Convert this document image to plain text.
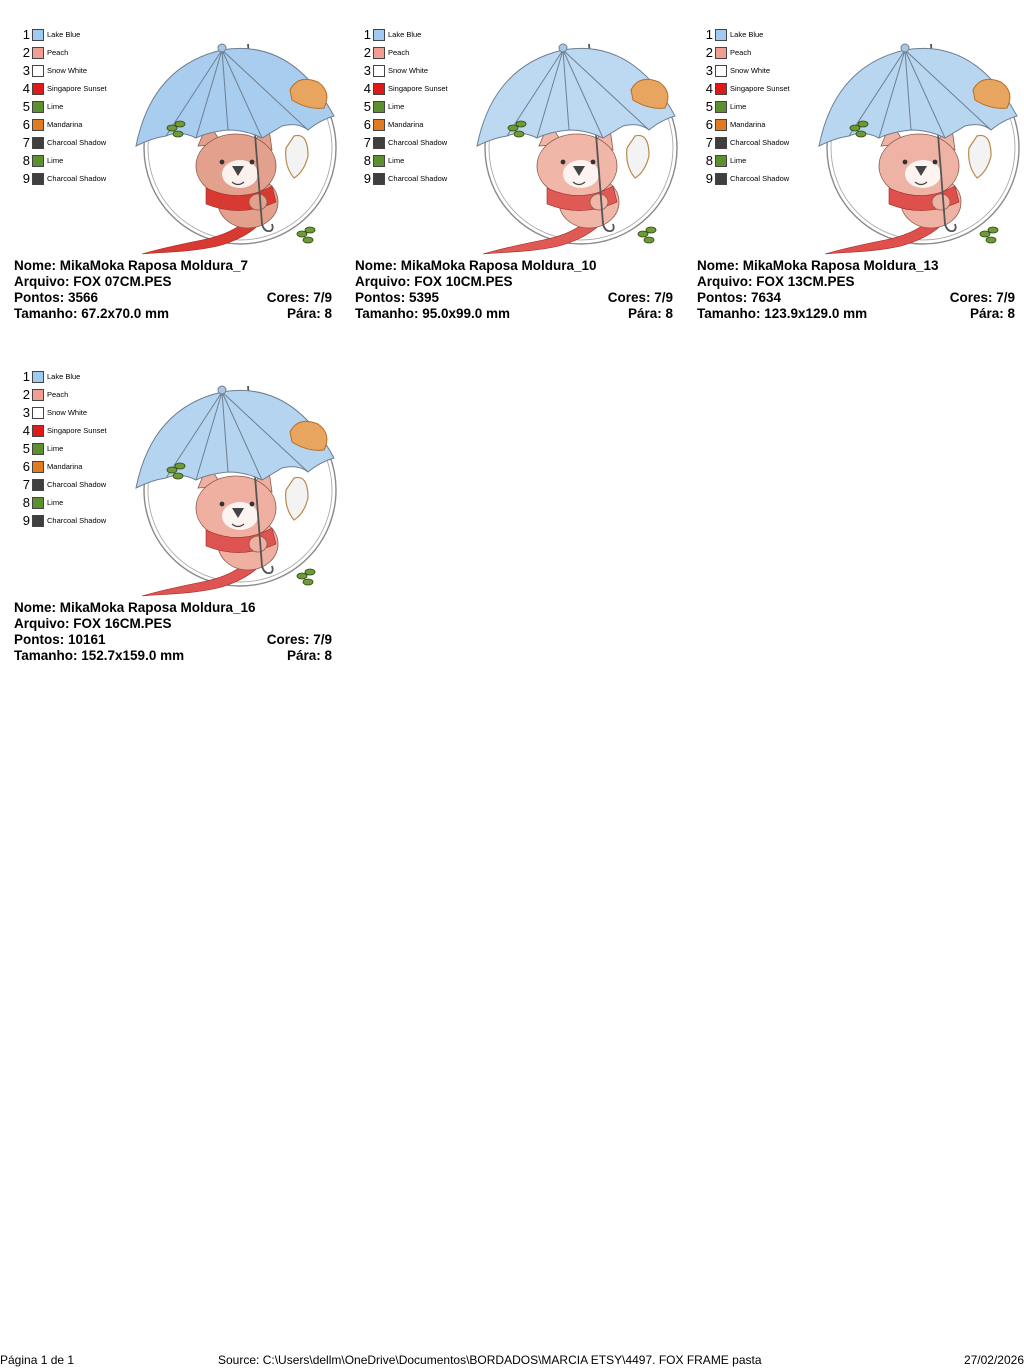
1 Lake Blue
2 Peach
3 Snow White
4 Singapore Sunset
5 Lime
6 Mandarina
7 Charcoal Shadow
8 Lime
9 Charcoal Shadow
Nome: MikaMoka Raposa Moldura_7
Arquivo: FOX 07CM.PES
Pontos: 3566	Cores: 7/9
Tamanho: 67.2x70.0 mm	Pára: 8
1 Lake Blue
2 Peach
3 Snow White
4 Singapore Sunset
5 Lime
6 Mandarina
7 Charcoal Shadow
8 Lime
9 Charcoal Shadow
Nome: MikaMoka Raposa Moldura_10
Arquivo: FOX 10CM.PES
Pontos: 5395	Cores: 7/9
Tamanho: 95.0x99.0 mm	Pára: 8
1 Lake Blue
2 Peach
3 Snow White
4 Singapore Sunset
5 Lime
6 Mandarina
7 Charcoal Shadow
8 Lime
9 Charcoal Shadow
Nome: MikaMoka Raposa Moldura_13
Arquivo: FOX 13CM.PES
Pontos: 7634	Cores: 7/9
Tamanho: 123.9x129.0 mm	Pára: 8
1 Lake Blue
2 Peach
3 Snow White
4 Singapore Sunset
5 Lime
6 Mandarina
7 Charcoal Shadow
8 Lime
9 Charcoal Shadow
Nome: MikaMoka Raposa Moldura_16
Arquivo: FOX 16CM.PES
Pontos: 10161	Cores: 7/9
Tamanho: 152.7x159.0 mm	Pára: 8
Página 1 de 1	Source: C:\Users\dellm\OneDrive\Documentos\BORDADOS\MARCIA ETSY\4497. FOX FRAME pasta	27/02/2026
